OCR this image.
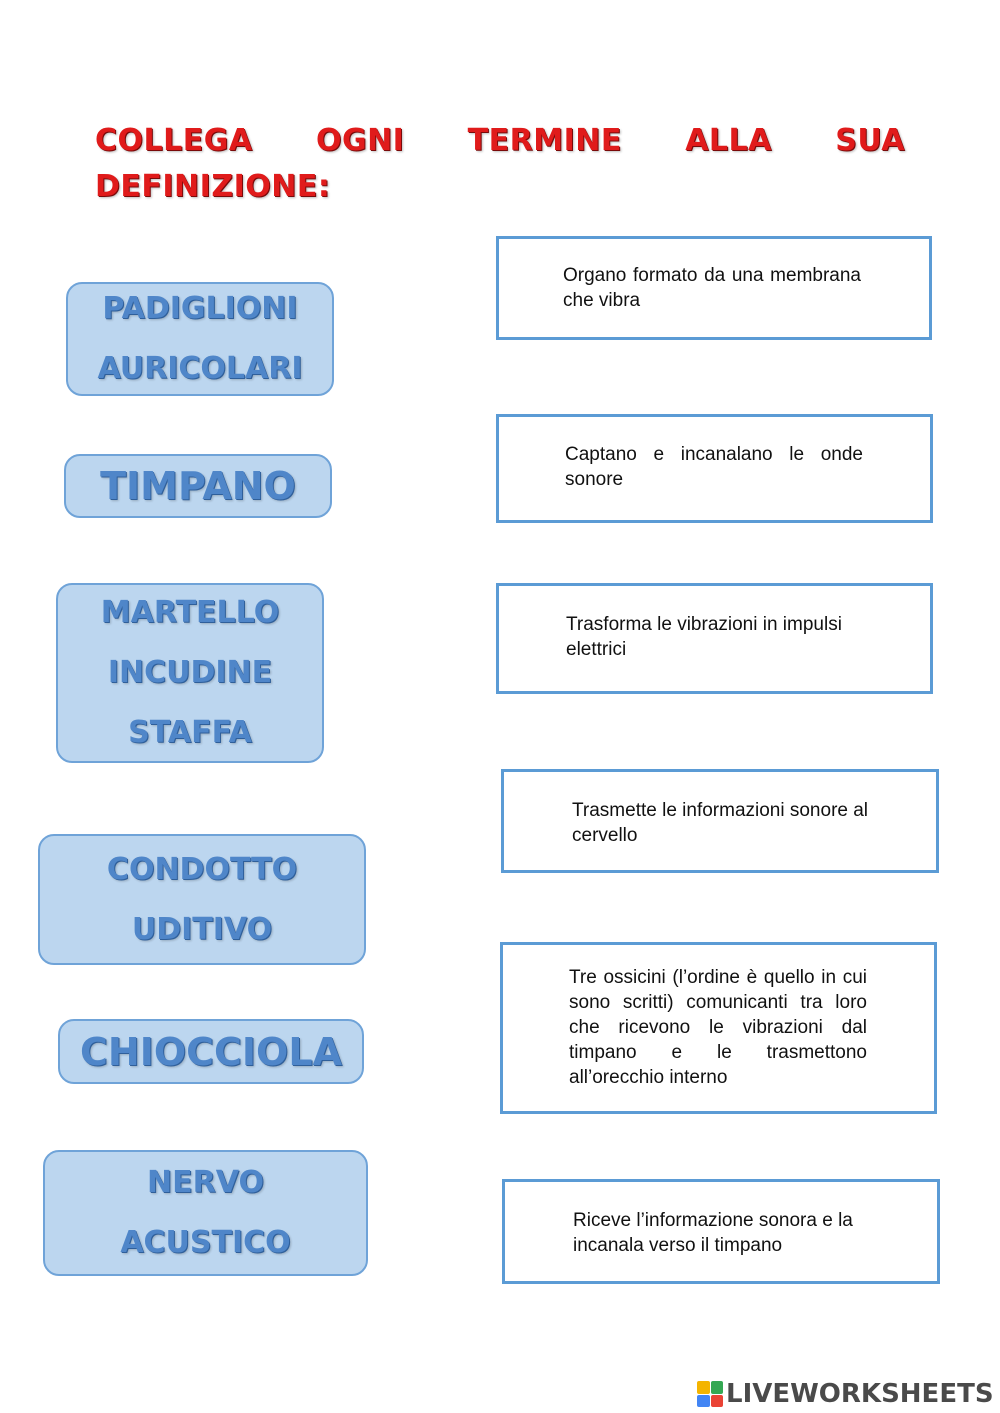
COLLEGA OGNI TERMINE ALLA SUA DEFINIZIONE:
PADIGLIONI
AURICOLARI
TIMPANO
MARTELLO
INCUDINE
STAFFA
CONDOTTO
UDITIVO
CHIOCCIOLA
NERVO
ACUSTICO
Organo formato da una membrana che vibra
Captano e incanalano le onde sonore
Trasforma le vibrazioni in impulsi elettrici
Trasmette le informazioni sonore al cervello
Tre ossicini (l’ordine è quello in cui sono scritti) comunicanti tra loro che ricevono le vibrazioni dal timpano e le trasmettono all’orecchio interno
Riceve l’informazione sonora e la incanala verso il timpano
LIVEWORKSHEETS
